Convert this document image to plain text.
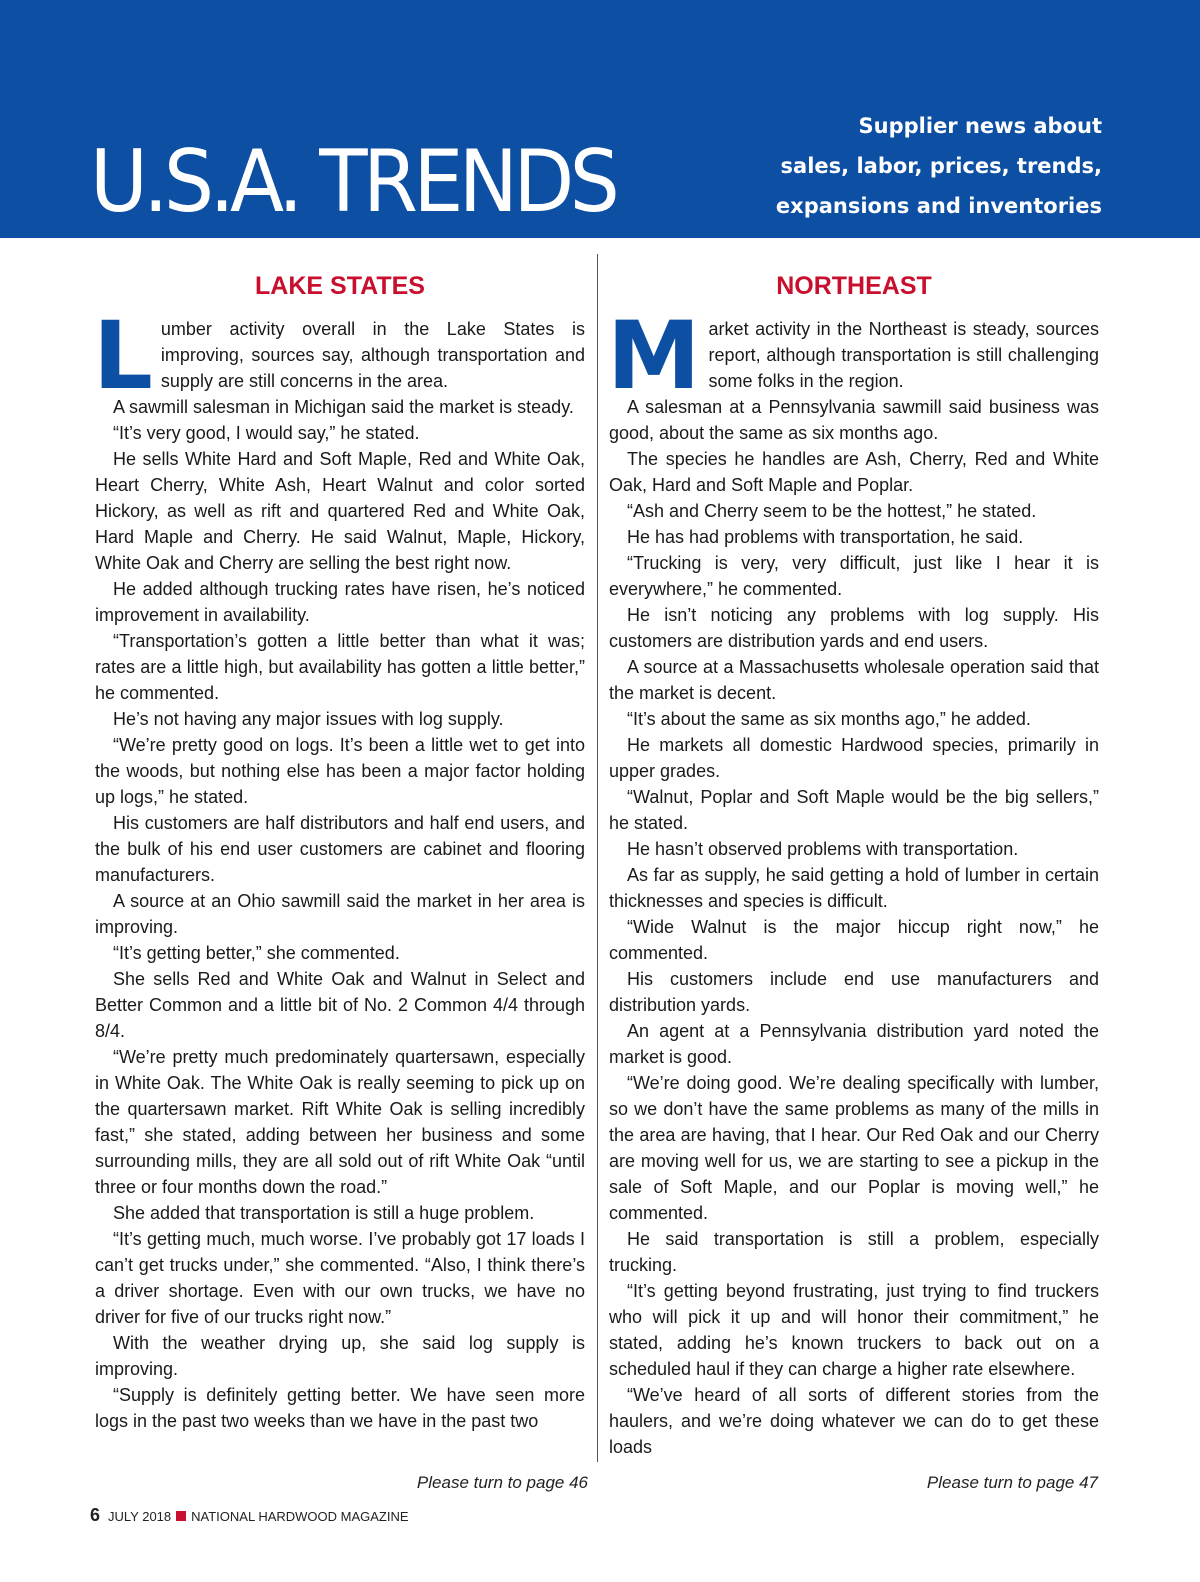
U.S.A. TRENDS
Supplier news about
sales, labor, prices, trends,
expansions and inventories
LAKE STATES

Lumber activity overall in the Lake States is improving, sources say, although transportation and supply are still concerns in the area.

A sawmill salesman in Michigan said the market is steady.

“It’s very good, I would say,” he stated.

He sells White Hard and Soft Maple, Red and White Oak, Heart Cherry, White Ash, Heart Walnut and color sorted Hickory, as well as rift and quartered Red and White Oak, Hard Maple and Cherry. He said Walnut, Maple, Hickory, White Oak and Cherry are selling the best right now.

He added although trucking rates have risen, he’s noticed improvement in availability.

“Transportation’s gotten a little better than what it was; rates are a little high, but availability has gotten a little better,” he commented.

He’s not having any major issues with log supply.

“We’re pretty good on logs. It’s been a little wet to get into the woods, but nothing else has been a major factor holding up logs,” he stated.

His customers are half distributors and half end users, and the bulk of his end user customers are cabinet and flooring manufacturers.

A source at an Ohio sawmill said the market in her area is improving.

“It’s getting better,” she commented.

She sells Red and White Oak and Walnut in Select and Better Common and a little bit of No. 2 Common 4/4 through 8/4.

“We’re pretty much predominately quartersawn, especially in White Oak. The White Oak is really seeming to pick up on the quartersawn market. Rift White Oak is selling incredibly fast,” she stated, adding between her business and some surrounding mills, they are all sold out of rift White Oak “until three or four months down the road.”

She added that transportation is still a huge problem.

“It’s getting much, much worse. I’ve probably got 17 loads I can’t get trucks under,” she commented. “Also, I think there’s a driver shortage. Even with our own trucks, we have no driver for five of our trucks right now.”

With the weather drying up, she said log supply is improving.

“Supply is definitely getting better. We have seen more logs in the past two weeks than we have in the past two

NORTHEAST

Market activity in the Northeast is steady, sources report, although transportation is still challenging some folks in the region.

A salesman at a Pennsylvania sawmill said business was good, about the same as six months ago.

The species he handles are Ash, Cherry, Red and White Oak, Hard and Soft Maple and Poplar.

“Ash and Cherry seem to be the hottest,” he stated.

He has had problems with transportation, he said.

“Trucking is very, very difficult, just like I hear it is everywhere,” he commented.

He isn’t noticing any problems with log supply. His customers are distribution yards and end users.

A source at a Massachusetts wholesale operation said that the market is decent.

“It’s about the same as six months ago,” he added.

He markets all domestic Hardwood species, primarily in upper grades.

“Walnut, Poplar and Soft Maple would be the big sellers,” he stated.

He hasn’t observed problems with transportation.

As far as supply, he said getting a hold of lumber in certain thicknesses and species is difficult.

“Wide Walnut is the major hiccup right now,” he commented.

His customers include end use manufacturers and distribution yards.

An agent at a Pennsylvania distribution yard noted the market is good.

“We’re doing good. We’re dealing specifically with lumber, so we don’t have the same problems as many of the mills in the area are having, that I hear. Our Red Oak and our Cherry are moving well for us, we are starting to see a pickup in the sale of Soft Maple, and our Poplar is moving well,” he commented.

He said transportation is still a problem, especially trucking.

“It’s getting beyond frustrating, just trying to find truckers who will pick it up and will honor their commitment,” he stated, adding he’s known truckers to back out on a scheduled haul if they can charge a higher rate elsewhere.

“We’ve heard of all sorts of different stories from the haulers, and we’re doing whatever we can do to get these loads

Please turn to page 46	Please turn to page 47
6 JULY 2018 NATIONAL HARDWOOD MAGAZINE
